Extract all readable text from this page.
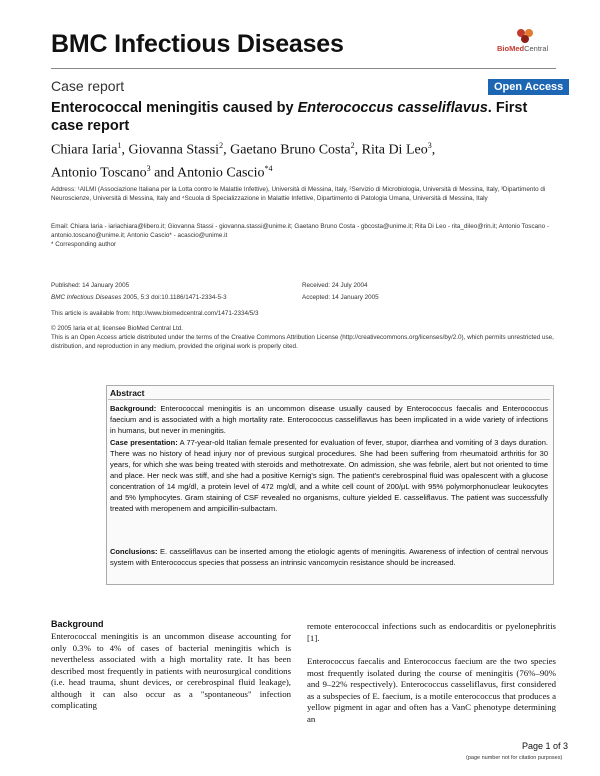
BMC Infectious Diseases	BioMedCentral
Case report	Open Access
Enterococcal meningitis caused by Enterococcus casseliflavus. First case report
Chiara Iaria$^1$, Giovanna Stassi$^2$, Gaetano Bruno Costa$^2$, Rita Di Leo$^3$,
Antonio Toscano$^3$ and Antonio Cascio$^{*4}$
Address: ¹AILMI (Associazione Italiana per la Lotta contro le Malattie Infettive), Università di Messina, Italy, ²Servizio di Microbiologia, Università di Messina, Italy, ³Dipartimento di Neuroscienze, Università di Messina, Italy and ⁴Scuola di Specializzazione in Malattie Infettive, Dipartimento di Patologia Umana, Università di Messina, Italy
Email: Chiara Iaria - iariachiara@libero.it; Giovanna Stassi - giovanna.stassi@unime.it; Gaetano Bruno Costa - gbcosta@unime.it; Rita Di Leo - rita_dileo@rin.it; Antonio Toscano - antonio.toscano@unime.it; Antonio Cascio* - acascio@unime.it
* Corresponding author
Published: 14 January 2005	Received: 24 July 2004
BMC Infectious Diseases 2005, 5:3 doi:10.1186/1471-2334-5-3	Accepted: 14 January 2005
This article is available from: http://www.biomedcentral.com/1471-2334/5/3
© 2005 Iaria et al; licensee BioMed Central Ltd.
This is an Open Access article distributed under the terms of the Creative Commons Attribution License (http://creativecommons.org/licenses/by/2.0), which permits unrestricted use, distribution, and reproduction in any medium, provided the original work is properly cited.
Abstract
Background: Enterococcal meningitis is an uncommon disease usually caused by Enterococcus faecalis and Enterococcus faecium and is associated with a high mortality rate. Enterococcus casseliflavus has been implicated in a wide variety of infections in humans, but never in meningitis.
Case presentation: A 77-year-old Italian female presented for evaluation of fever, stupor, diarrhea and vomiting of 3 days duration. There was no history of head injury nor of previous surgical procedures. She had been suffering from rheumatoid arthritis for 30 years, for which she was being treated with steroids and methotrexate. On admission, she was febrile, alert but not oriented to time and place. Her neck was stiff, and she had a positive Kernig's sign. The patient's cerebrospinal fluid was opalescent with a glucose concentration of 14 mg/dl, a protein level of 472 mg/dl, and a white cell count of 200/μL with 95% polymorphonuclear leukocytes and 5% lymphocytes. Gram staining of CSF revealed no organisms, culture yielded E. casseliflavus. The patient was successfully treated with meropenem and ampicillin-sulbactam.
Conclusions: E. casseliflavus can be inserted among the etiologic agents of meningitis. Awareness of infection of central nervous system with Enterococcus species that possess an intrinsic vancomycin resistance should be increased.
Background
Enterococcal meningitis is an uncommon disease accounting for only 0.3% to 4% of cases of bacterial meningitis which is nevertheless associated with a high mortality rate. It has been described most frequently in patients with neurosurgical conditions (i.e. head trauma, shunt devices, or cerebrospinal fluid leakage), although it can also occur as a "spontaneous" infection complicating
remote enterococcal infections such as endocarditis or pyelonephritis [1].
Enterococcus faecalis and Enterococcus faecium are the two species most frequently isolated during the course of meningitis (76%–90% and 9–22% respectively). Enterococcus casseliflavus, first considered as a subspecies of E. faecium, is a motile enterococcus that produces a yellow pigment in agar and often has a VanC phenotype determining an
Page 1 of 3
(page number not for citation purposes)
